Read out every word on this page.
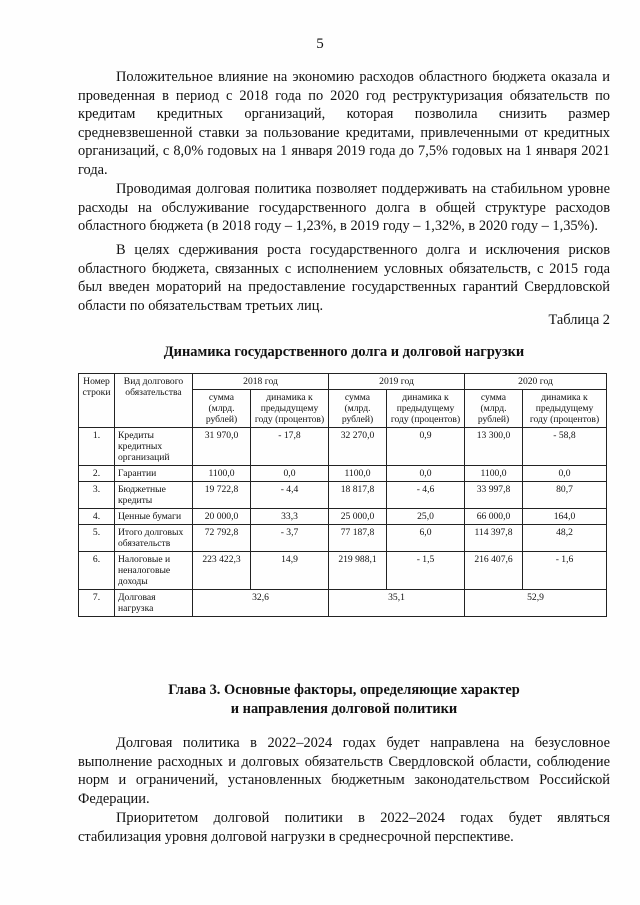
5

Положительное влияние на экономию расходов областного бюджета оказала и проведенная в период с 2018 года по 2020 год реструктуризация обязательств по кредитам кредитных организаций, которая позволила снизить размер средневзвешенной ставки за пользование кредитами, привлеченными от кредитных организаций, с 8,0% годовых на 1 января 2019 года до 7,5% годовых на 1 января 2021 года.

Проводимая долговая политика позволяет поддерживать на стабильном уровне расходы на обслуживание государственного долга в общей структуре расходов областного бюджета (в 2018 году – 1,23%, в 2019 году – 1,32%, в 2020 году – 1,35%).

В целях сдерживания роста государственного долга и исключения рисков областного бюджета, связанных с исполнением условных обязательств, с 2015 года был введен мораторий на предоставление государственных гарантий Свердловской области по обязательствам третьих лиц.

Таблица 2
Динамика государственного долга и долговой нагрузки
Номер строки	Вид долгового обязательства	2018 год		2019 год		2020 год	
		сумма (млрд. рублей)	динамика к предыдущему году (процентов)	сумма (млрд. рублей)	динамика к предыдущему году (процентов)	сумма (млрд. рублей)	динамика к предыдущему году (процентов)
1.	Кредиты кредитных организаций	31 970,0	- 17,8	32 270,0	0,9	13 300,0	- 58,8
2.	Гарантии	1100,0	0,0	1100,0	0,0	1100,0	0,0
3.	Бюджетные кредиты	19 722,8	- 4,4	18 817,8	- 4,6	33 997,8	80,7
4.	Ценные бумаги	20 000,0	33,3	25 000,0	25,0	66 000,0	164,0
5.	Итого долговых обязательств	72 792,8	- 3,7	77 187,8	6,0	114 397,8	48,2
6.	Налоговые и неналоговые доходы	223 422,3	14,9	219 988,1	- 1,5	216 407,6	- 1,6
7.	Долговая нагрузка	32,6		35,1		52,9	
Глава 3. Основные факторы, определяющие характер
и направления долговой политики

Долговая политика в 2022–2024 годах будет направлена на безусловное выполнение расходных и долговых обязательств Свердловской области, соблюдение норм и ограничений, установленных бюджетным законодательством Российской Федерации.

Приоритетом долговой политики в 2022–2024 годах будет являться стабилизация уровня долговой нагрузки в среднесрочной перспективе.
